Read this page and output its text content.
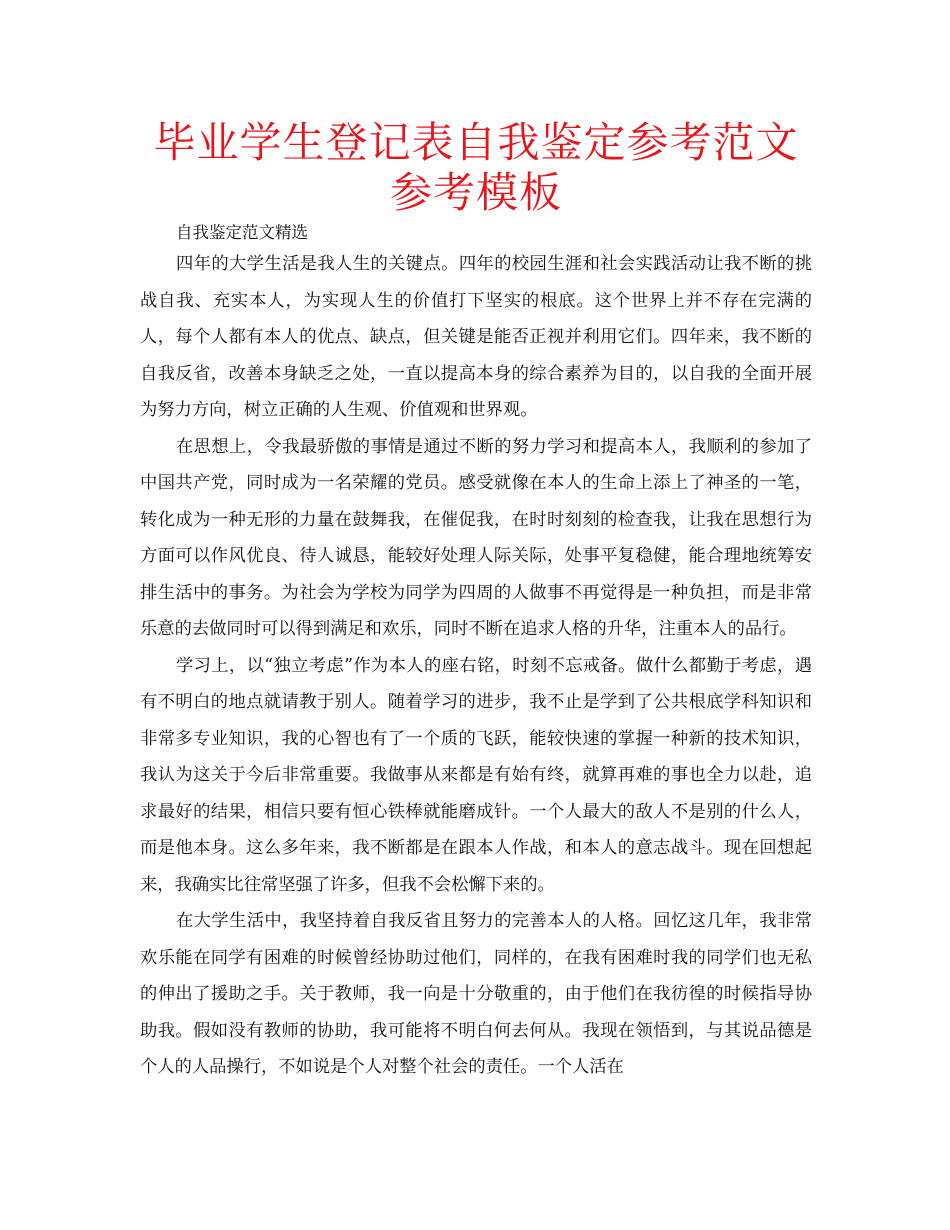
毕业学生登记表自我鉴定参考范文参考模板

自我鉴定范文精选

四年的大学生活是我人生的关键点。四年的校园生涯和社会实践活动让我不断的挑战自我、充实本人，为实现人生的价值打下坚实的根底。这个世界上并不存在完满的人，每个人都有本人的优点、缺点，但关键是能否正视并利用它们。四年来，我不断的自我反省，改善本身缺乏之处，一直以提高本身的综合素养为目的，以自我的全面开展为努力方向，树立正确的人生观、价值观和世界观。

在思想上，令我最骄傲的事情是通过不断的努力学习和提高本人，我顺利的参加了中国共产党，同时成为一名荣耀的党员。感受就像在本人的生命上添上了神圣的一笔，转化成为一种无形的力量在鼓舞我，在催促我，在时时刻刻的检查我，让我在思想行为方面可以作风优良、待人诚恳，能较好处理人际关际，处事平复稳健，能合理地统筹安排生活中的事务。为社会为学校为同学为四周的人做事不再觉得是一种负担，而是非常乐意的去做同时可以得到满足和欢乐，同时不断在追求人格的升华，注重本人的品行。

学习上，以“独立考虑”作为本人的座右铭，时刻不忘戒备。做什么都勤于考虑，遇有不明白的地点就请教于别人。随着学习的进步，我不止是学到了公共根底学科知识和非常多专业知识，我的心智也有了一个质的飞跃，能较快速的掌握一种新的技术知识，我认为这关于今后非常重要。我做事从来都是有始有终，就算再难的事也全力以赴，追求最好的结果，相信只要有恒心铁棒就能磨成针。一个人最大的敌人不是别的什么人，而是他本身。这么多年来，我不断都是在跟本人作战，和本人的意志战斗。现在回想起来，我确实比往常坚强了许多，但我不会松懈下来的。

在大学生活中，我坚持着自我反省且努力的完善本人的人格。回忆这几年，我非常欢乐能在同学有困难的时候曾经协助过他们，同样的，在我有困难时我的同学们也无私的伸出了援助之手。关于教师，我一向是十分敬重的，由于他们在我彷徨的时候指导协助我。假如没有教师的协助，我可能将不明白何去何从。我现在领悟到，与其说品德是个人的人品操行，不如说是个人对整个社会的责任。一个人活在
